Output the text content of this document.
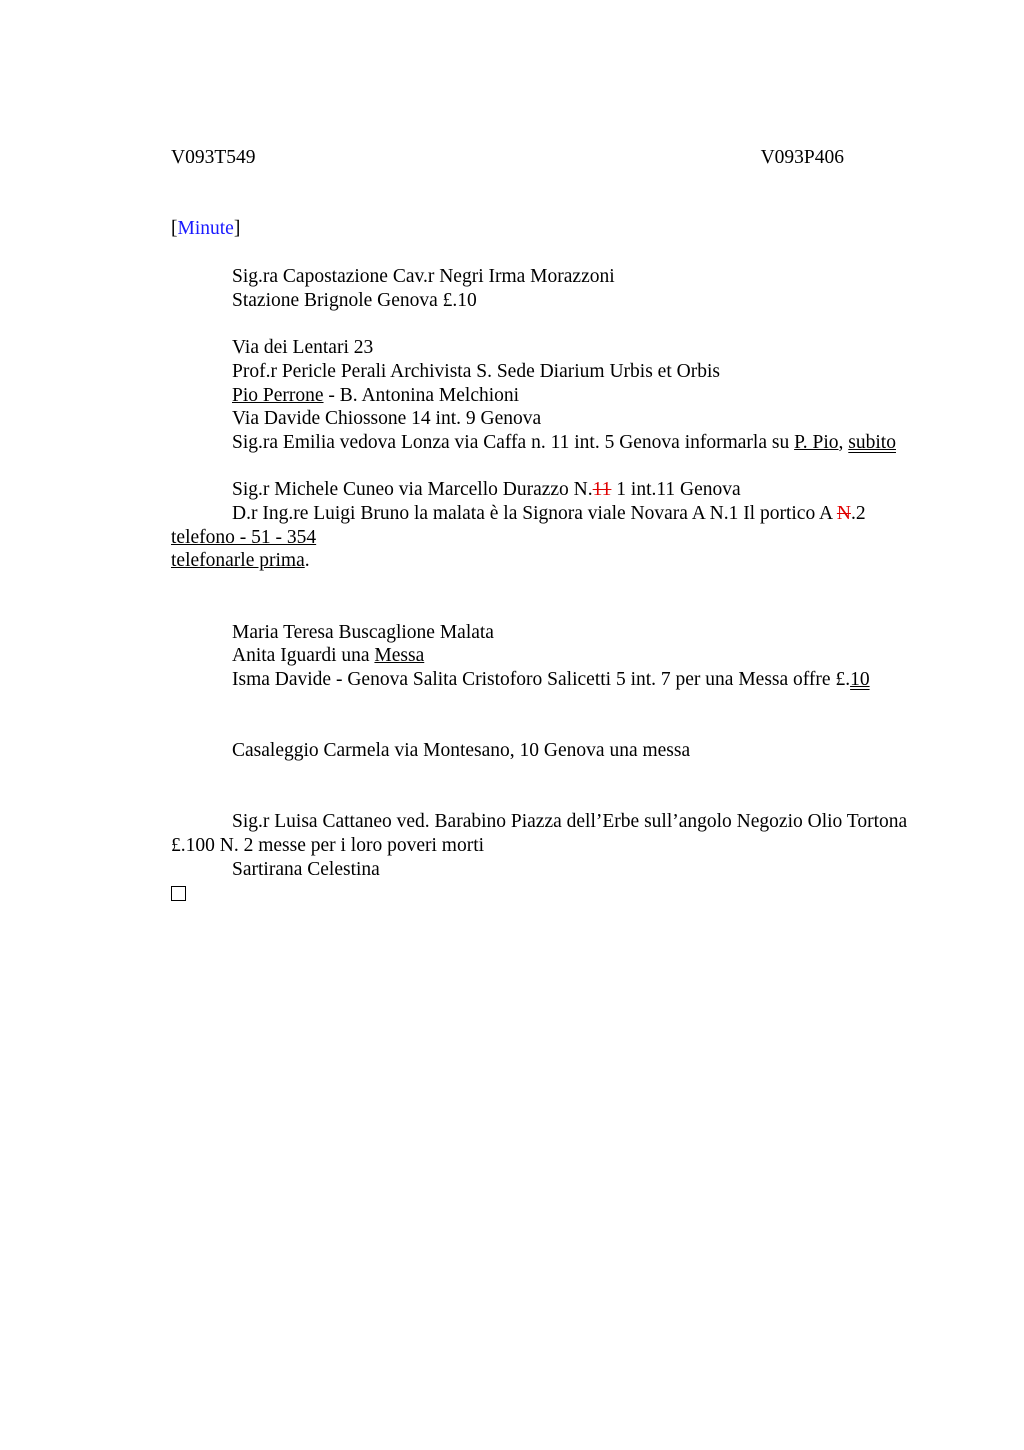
V093T549	V093P406
[Minute]

Sig.ra Capostazione Cav.r Negri Irma Morazzoni

Stazione Brignole Genova £.10

Via dei Lentari 23

Prof.r Pericle Perali Archivista S. Sede Diarium Urbis et Orbis

Pio Perrone - B. Antonina Melchioni

Via Davide Chiossone 14 int. 9 Genova

Sig.ra Emilia vedova Lonza via Caffa n. 11 int. 5 Genova informarla su P. Pio, subito

Sig.r Michele Cuneo via Marcello Durazzo N.11 1 int.11 Genova

D.r Ing.re Luigi Bruno la malata è la Signora viale Novara A N.1 Il portico A N.2 telefono - 51 - 354
telefonarle prima.

Maria Teresa Buscaglione Malata

Anita Iguardi una Messa

Isma Davide - Genova Salita Cristoforo Salicetti 5 int. 7 per una Messa offre £.10

Casaleggio Carmela via Montesano, 10 Genova una messa

Sig.r Luisa Cattaneo ved. Barabino Piazza dell’Erbe sull’angolo Negozio Olio Tortona £.100 N. 2 messe per i loro poveri morti

Sartirana Celestina
